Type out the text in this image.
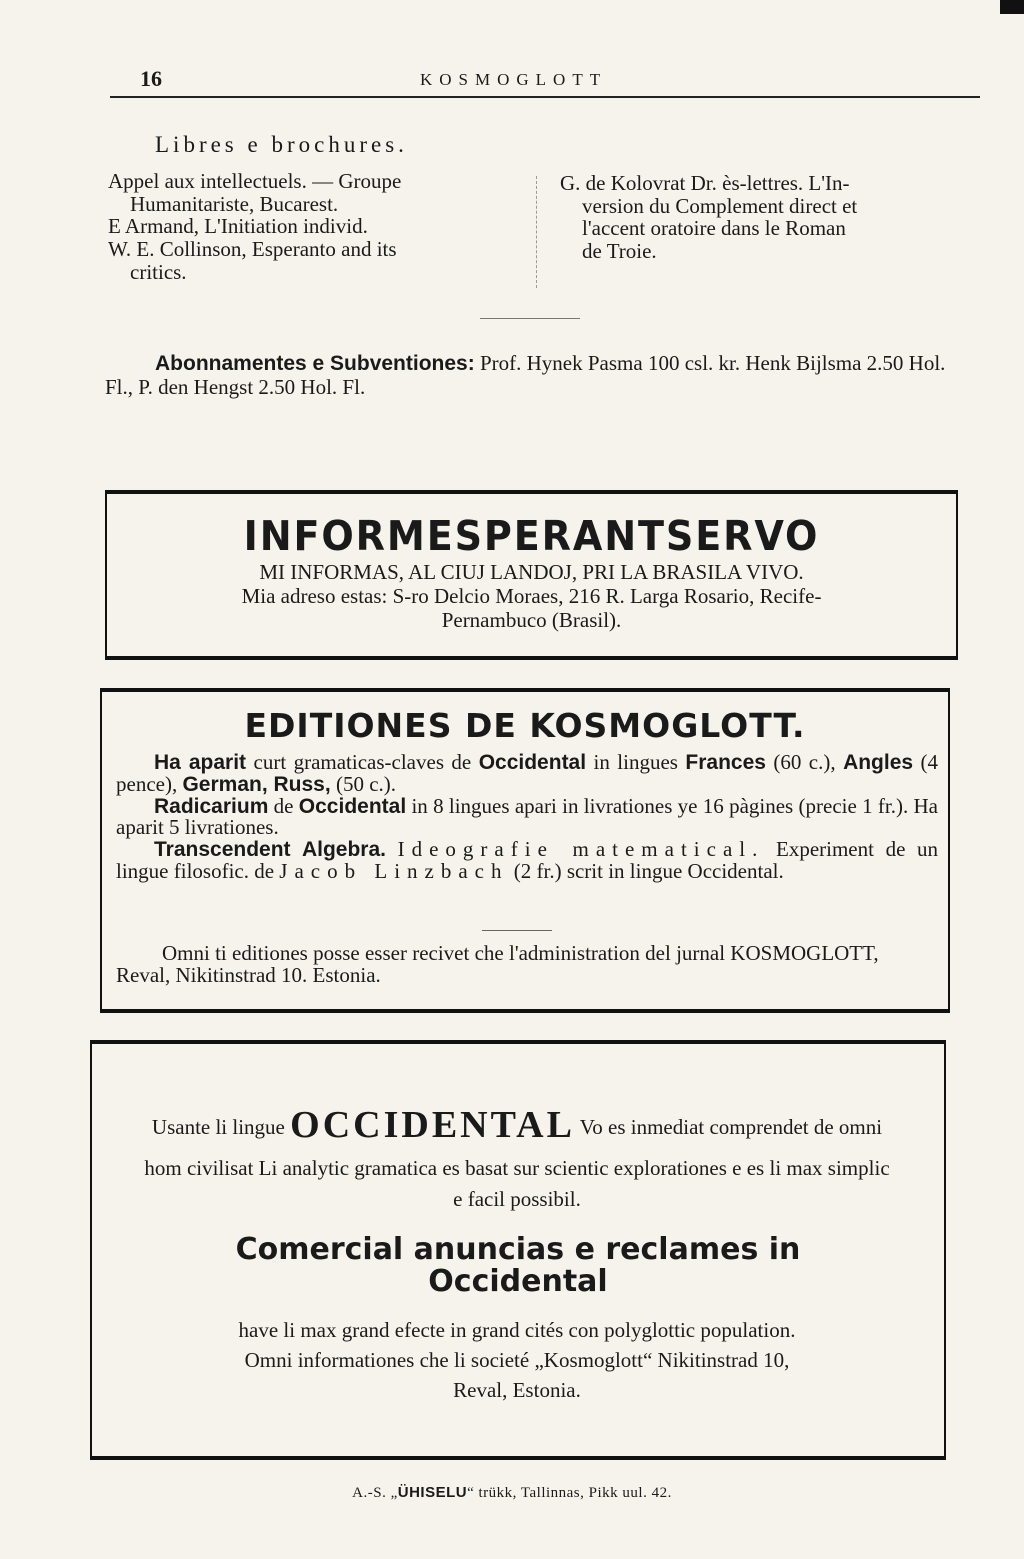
16	KOSMOGLOTT
Libres e brochures.

Appel aux intellectuels. — Groupe
Humanitariste, Bucarest.

E Armand, L'Initiation individ.

W. E. Collinson, Esperanto and its
critics.

G. de Kolovrat Dr. ès-lettres. L'In-
version du Complement direct et
l'accent oratoire dans le Roman
de Troie.

Abonnamentes e Subventiones: Prof. Hynek Pasma 100 csl. kr. Henk Bijlsma 2.50 Hol. Fl., P. den Hengst 2.50 Hol. Fl.
INFORMESPERANTSERVO
MI INFORMAS, AL CIUJ LANDOJ, PRI LA BRASILA VIVO.
Mia adreso estas: S-ro Delcio Moraes, 216 R. Larga Rosario, Recife-
Pernambuco (Brasil).
EDITIONES DE KOSMOGLOTT.

Ha aparit curt gramaticas-claves de Occidental in lingues Frances (60 c.), Angles (4 pence), German, Russ, (50 c.).

Radicarium de Occidental in 8 lingues apari in livrationes ye 16 pàgines (precie 1 fr.). Ha aparit 5 livrationes.

Transcendent Algebra. Ideografie matematical. Experiment de un lingue filosofic. de Jacob Linzbach (2 fr.) scrit in lingue Occidental.

Omni ti editiones posse esser recivet che l'administration del jurnal KOSMOGLOTT, Reval, Nikitinstrad 10. Estonia.

Usante li lingue OCCIDENTAL Vo es inmediat comprendet de omni hom civilisat Li analytic gramatica es basat sur scientic explorationes e es li max simplic e facil possibil.
Comercial anuncias e reclames in
Occidental
have li max grand efecte in grand cités con polyglottic population.
Omni informationes che li societé „Kosmoglott“ Nikitinstrad 10,
Reval, Estonia.
A.-S. „ÜHISELU“ trükk, Tallinnas, Pikk uul. 42.
